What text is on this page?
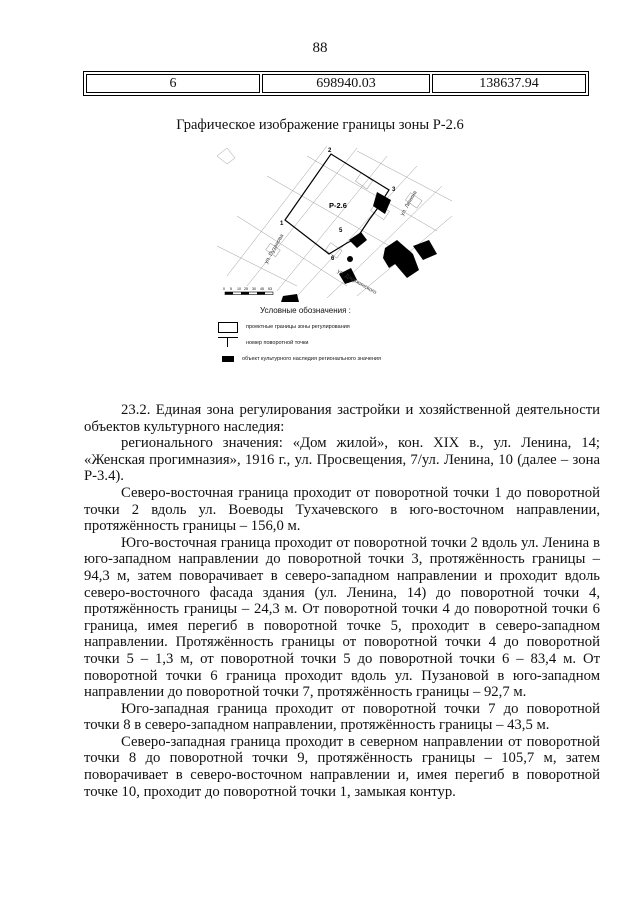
88
6	698940.03	138637.94
Графическое изображение границы зоны Р-2.6
Р-2.6
1
2
3
4
5
6
ул. Пузанова
ул. Дзержинского
ул. Ленина
0 5 10 25 30 45 53
Условные обозначения :
проектные границы зоны регулирования
номер поворотной точки
объект культурного наследия регионального значения

23.2. Единая зона регулирования застройки и хозяйственной деятельности объектов культурного наследия:

регионального значения: «Дом жилой», кон. XIX в., ул. Ленина, 14; «Женская прогимназия», 1916 г., ул. Просвещения, 7/ул. Ленина, 10 (далее – зона Р-3.4).

Северо-восточная граница проходит от поворотной точки 1 до поворотной точки 2 вдоль ул. Воеводы Тухачевского в юго-восточном направлении, протяжённость границы – 156,0 м.

Юго-восточная граница проходит от поворотной точки 2 вдоль ул. Ленина в юго-западном направлении до поворотной точки 3, протяжённость границы – 94,3 м, затем поворачивает в северо-западном направлении и проходит вдоль северо-восточного фасада здания (ул. Ленина, 14) до поворотной точки 4, протяжённость границы – 24,3 м. От поворотной точки 4 до поворотной точки 6 граница, имея перегиб в поворотной точке 5, проходит в северо-западном направлении. Протяжённость границы от поворотной точки 4 до поворотной точки 5 – 1,3 м, от поворотной точки 5 до поворотной точки 6 – 83,4 м. От поворотной точки 6 граница проходит вдоль ул. Пузановой в юго-западном направлении до поворотной точки 7, протяжённость границы – 92,7 м.

Юго-западная граница проходит от поворотной точки 7 до поворотной точки 8 в северо-западном направлении, протяжённость границы – 43,5 м.

Северо-западная граница проходит в северном направлении от поворотной точки 8 до поворотной точки 9, протяжённость границы – 105,7 м, затем поворачивает в северо-восточном направлении и, имея перегиб в поворотной точке 10, проходит до поворотной точки 1, замыкая контур.
